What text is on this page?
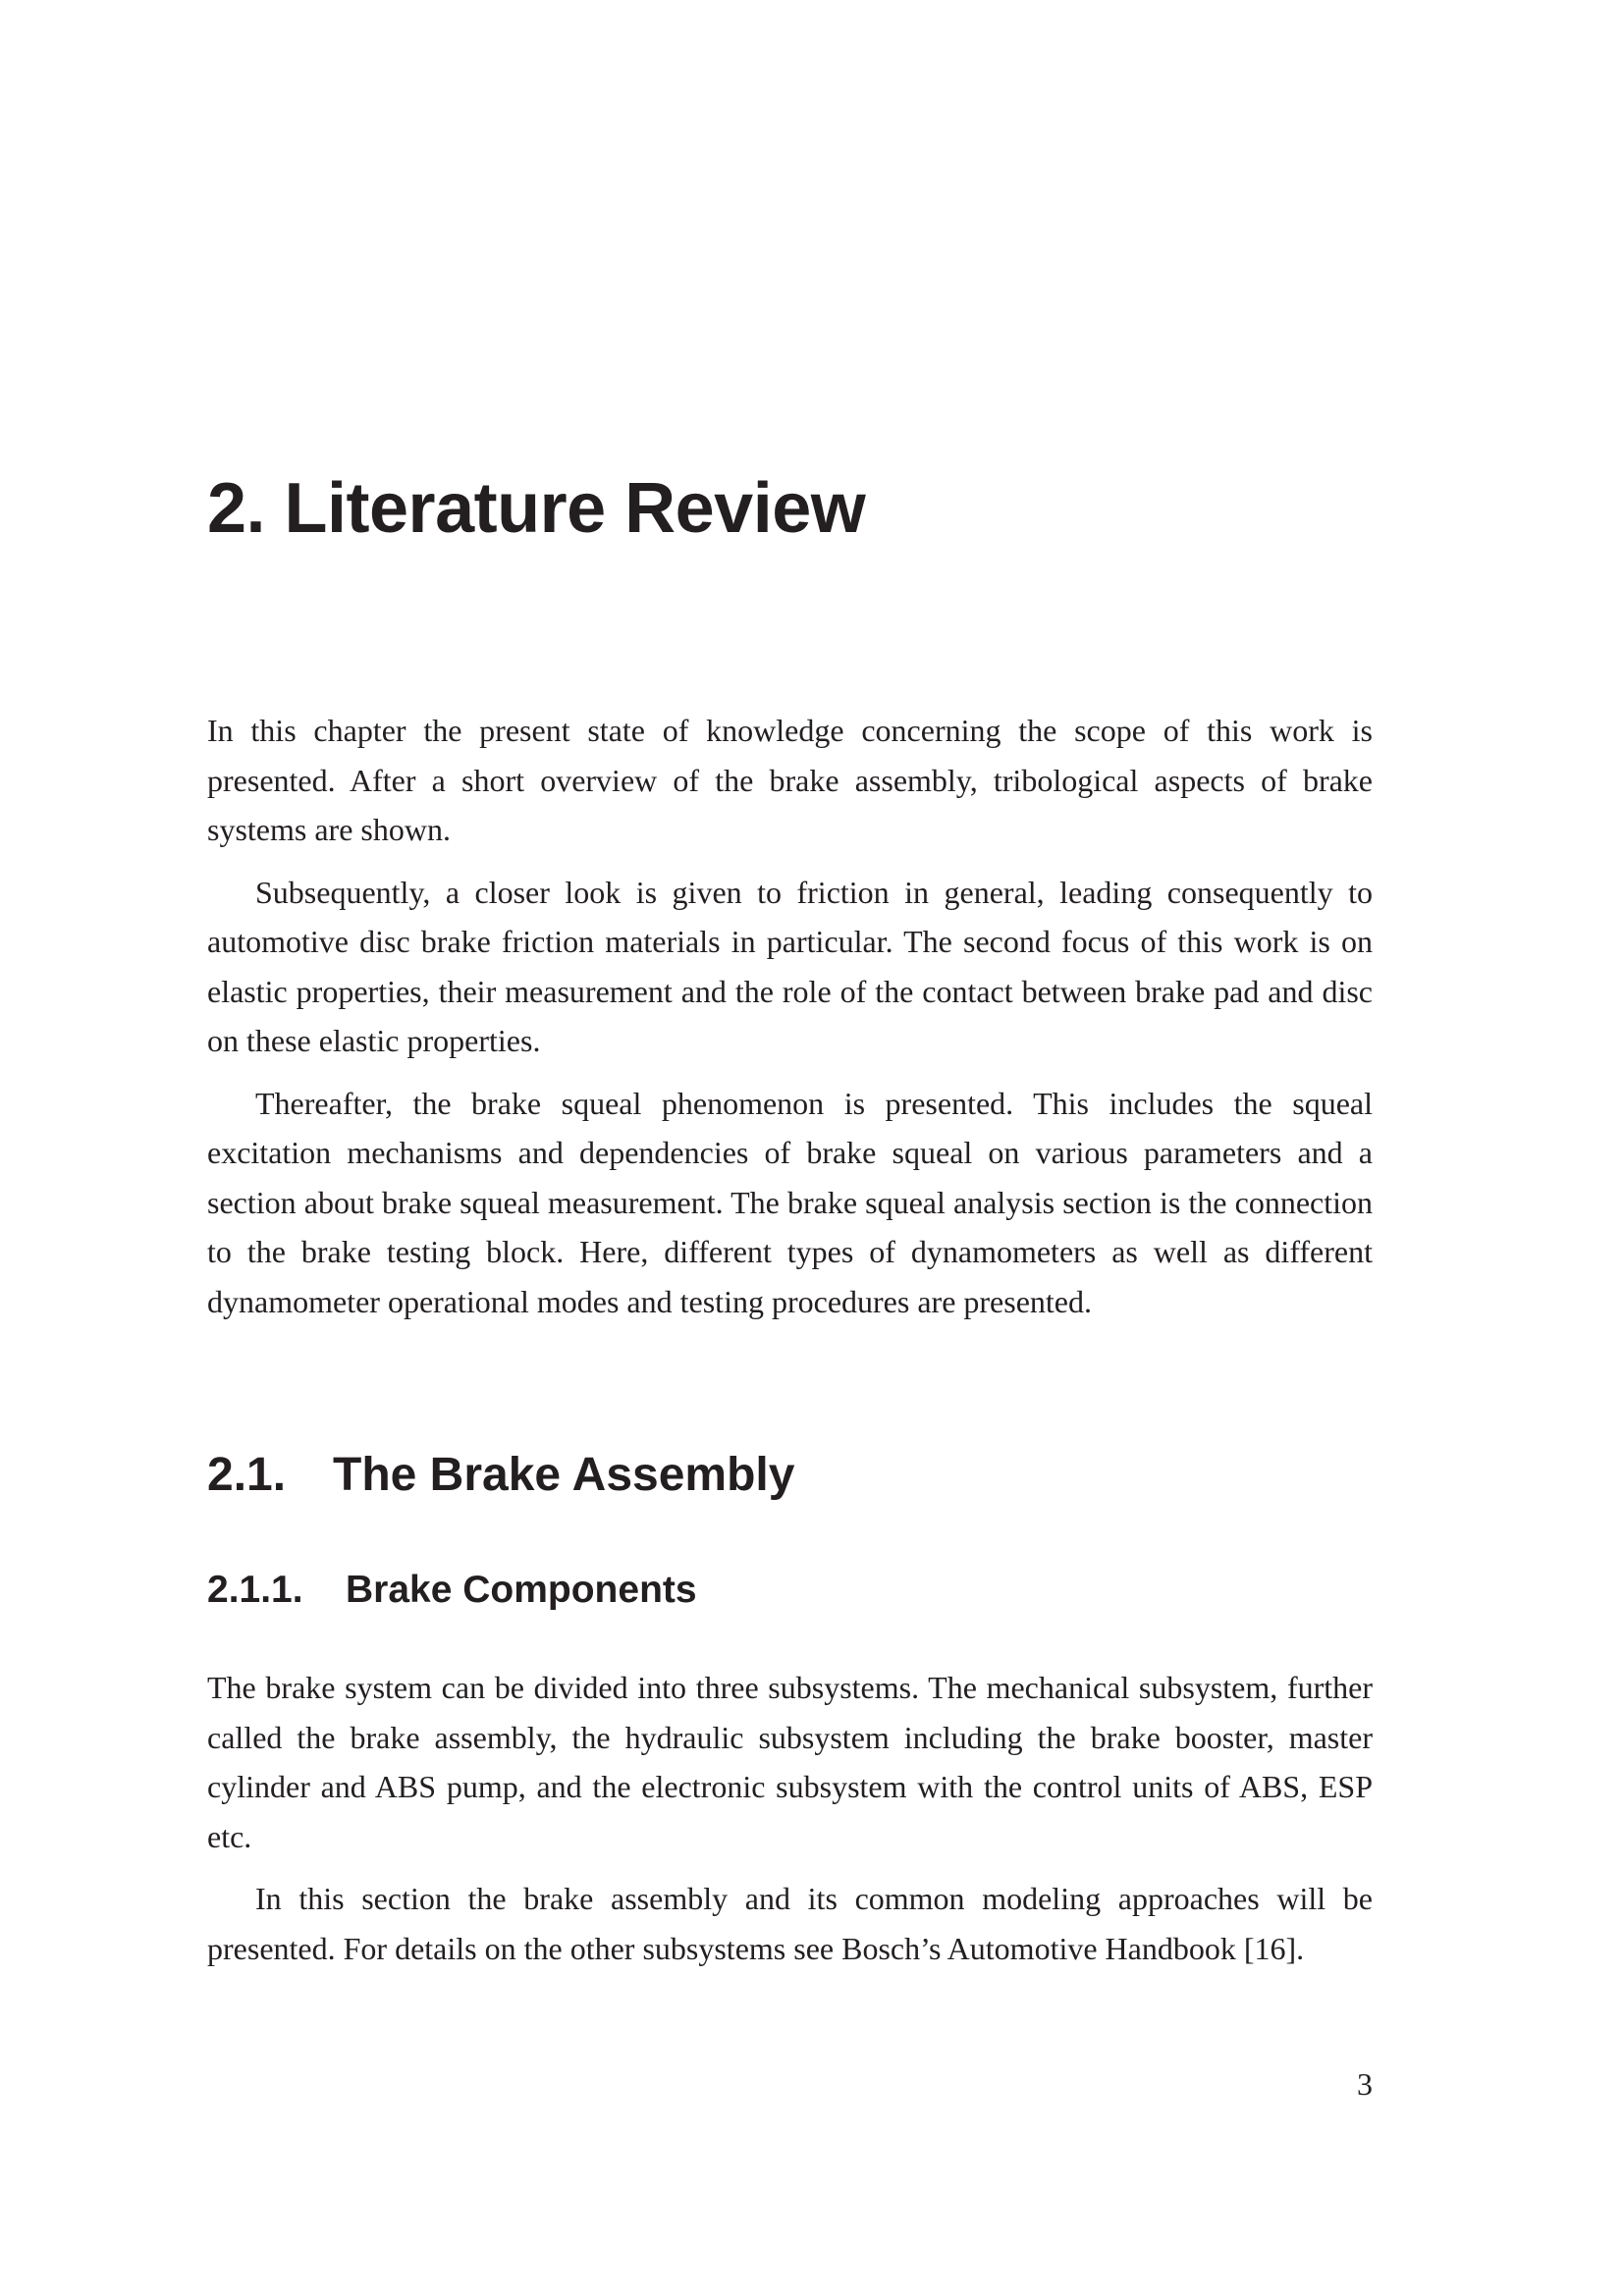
2. Literature Review

In this chapter the present state of knowledge concerning the scope of this work is presented. After a short overview of the brake assembly, tribological aspects of brake systems are shown.

Subsequently, a closer look is given to friction in general, leading consequently to automotive disc brake friction materials in particular. The second focus of this work is on elastic properties, their measurement and the role of the contact between brake pad and disc on these elastic properties.

Thereafter, the brake squeal phenomenon is presented. This includes the squeal excitation mechanisms and dependencies of brake squeal on various parameters and a section about brake squeal measurement. The brake squeal analysis section is the connection to the brake testing block. Here, different types of dynamometers as well as different dynamometer operational modes and testing procedures are presented.

2.1. The Brake Assembly
2.1.1. Brake Components

The brake system can be divided into three subsystems. The mechanical subsystem, further called the brake assembly, the hydraulic subsystem including the brake booster, master cylinder and ABS pump, and the electronic subsystem with the control units of ABS, ESP etc.

In this section the brake assembly and its common modeling approaches will be presented. For details on the other subsystems see Bosch’s Automotive Handbook [16].

3
